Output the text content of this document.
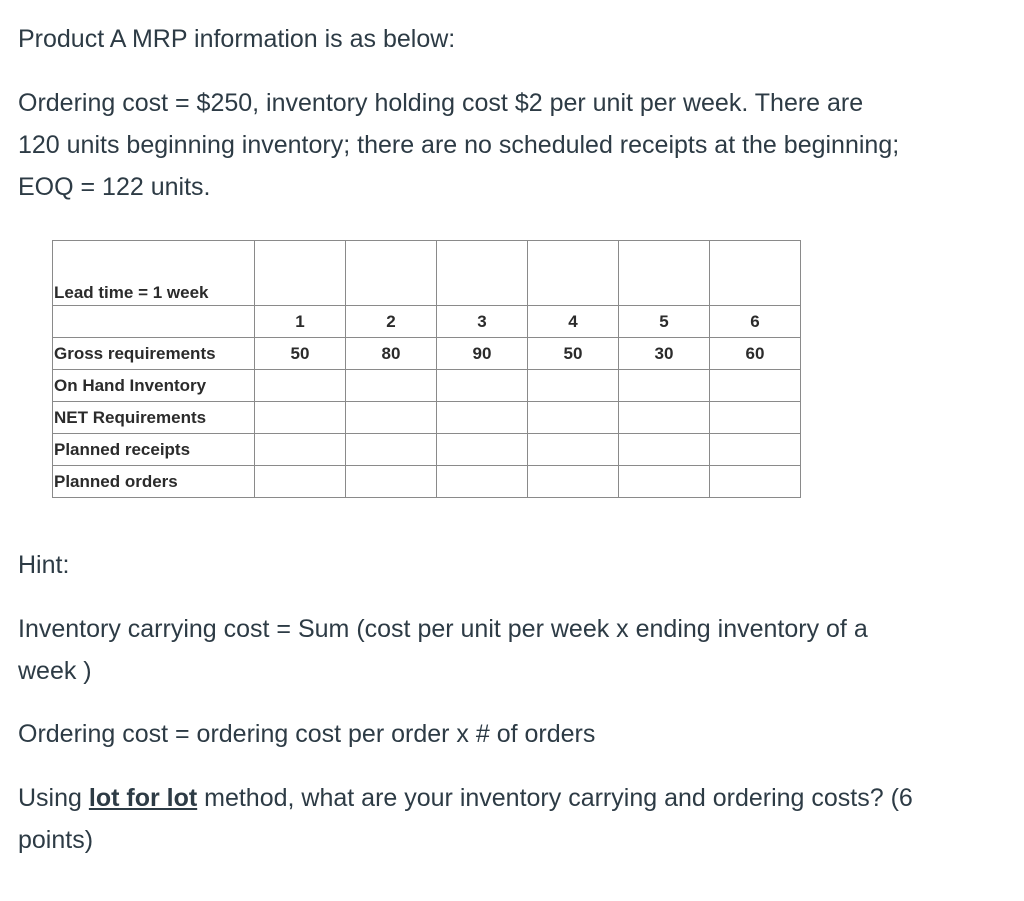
Product A MRP information is as below:

Ordering cost = $250, inventory holding cost $2 per unit per week. There are
120 units beginning inventory; there are no scheduled receipts at the beginning;
EOQ = 122 units.

Lead time = 1 week						
	1	2	3	4	5	6
Gross requirements	50	80	90	50	30	60
On Hand Inventory						
NET Requirements						
Planned receipts						
Planned orders						

Hint:

Inventory carrying cost = Sum (cost per unit per week x ending inventory of a
week )

Ordering cost = ordering cost per order x # of orders

Using lot for lot method, what are your inventory carrying and ordering costs? (6
points)
